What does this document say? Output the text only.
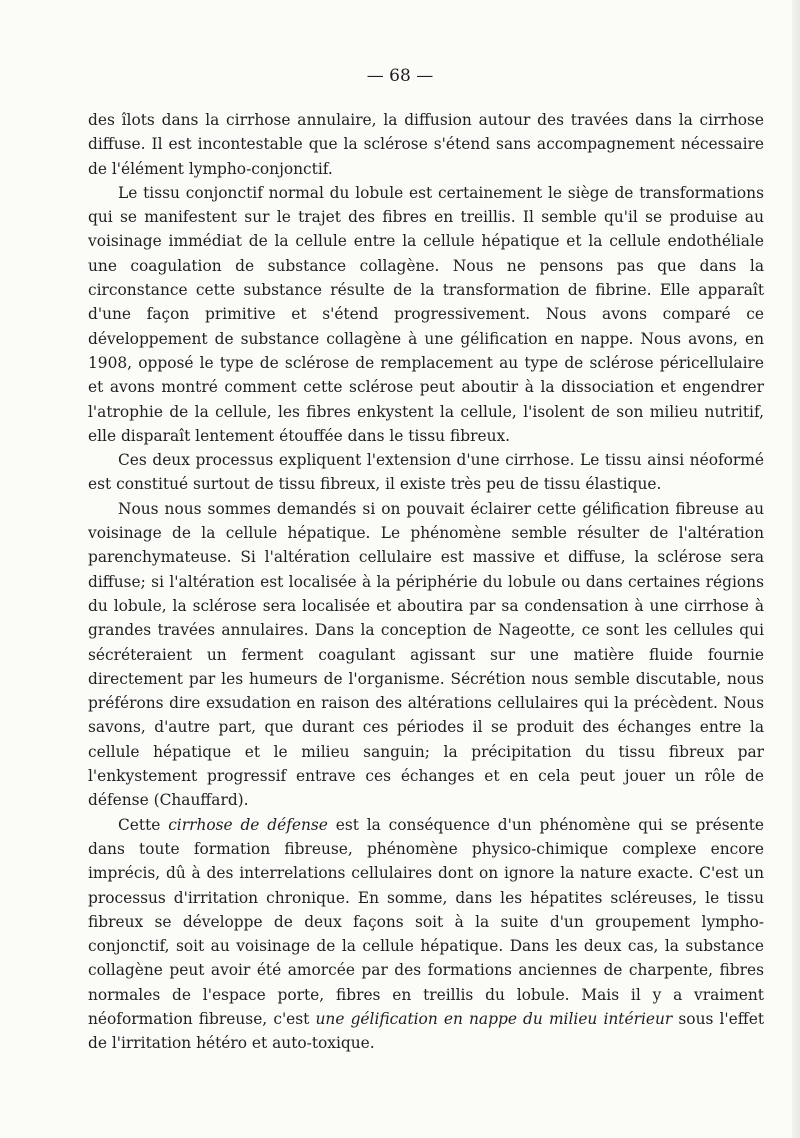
— 68 —

des îlots dans la cirrhose annulaire, la diffusion autour des travées dans la cirrhose diffuse. Il est incontestable que la sclérose s'étend sans accompagnement nécessaire de l'élément lympho-conjonctif.

Le tissu conjonctif normal du lobule est certainement le siège de transformations qui se manifestent sur le trajet des fibres en treillis. Il semble qu'il se produise au voisinage immédiat de la cellule entre la cellule hépatique et la cellule endothéliale une coagulation de substance collagène. Nous ne pensons pas que dans la circonstance cette substance résulte de la transformation de fibrine. Elle apparaît d'une façon primitive et s'étend progressivement. Nous avons comparé ce développement de substance collagène à une gélification en nappe. Nous avons, en 1908, opposé le type de sclérose de remplacement au type de sclérose péricellulaire et avons montré comment cette sclérose peut aboutir à la dissociation et engendrer l'atrophie de la cellule, les fibres enkystent la cellule, l'isolent de son milieu nutritif, elle disparaît lentement étouffée dans le tissu fibreux.

Ces deux processus expliquent l'extension d'une cirrhose. Le tissu ainsi néoformé est constitué surtout de tissu fibreux, il existe très peu de tissu élastique.

Nous nous sommes demandés si on pouvait éclairer cette gélification fibreuse au voisinage de la cellule hépatique. Le phénomène semble résulter de l'altération parenchymateuse. Si l'altération cellulaire est massive et diffuse, la sclérose sera diffuse; si l'altération est localisée à la périphérie du lobule ou dans certaines régions du lobule, la sclérose sera localisée et aboutira par sa condensation à une cirrhose à grandes travées annulaires. Dans la conception de Nageotte, ce sont les cellules qui sécréteraient un ferment coagulant agissant sur une matière fluide fournie directement par les humeurs de l'organisme. Sécrétion nous semble discutable, nous préférons dire exsudation en raison des altérations cellulaires qui la précèdent. Nous savons, d'autre part, que durant ces périodes il se produit des échanges entre la cellule hépatique et le milieu sanguin; la précipitation du tissu fibreux par l'enkystement progressif entrave ces échanges et en cela peut jouer un rôle de défense (Chauffard).

Cette cirrhose de défense est la conséquence d'un phénomène qui se présente dans toute formation fibreuse, phénomène physico-chimique complexe encore imprécis, dû à des interrelations cellulaires dont on ignore la nature exacte. C'est un processus d'irritation chronique. En somme, dans les hépatites scléreuses, le tissu fibreux se développe de deux façons soit à la suite d'un groupement lympho-conjonctif, soit au voisinage de la cellule hépatique. Dans les deux cas, la substance collagène peut avoir été amorcée par des formations anciennes de charpente, fibres normales de l'espace porte, fibres en treillis du lobule. Mais il y a vraiment néoformation fibreuse, c'est une gélification en nappe du milieu intérieur sous l'effet de l'irritation hétéro et auto-toxique.
